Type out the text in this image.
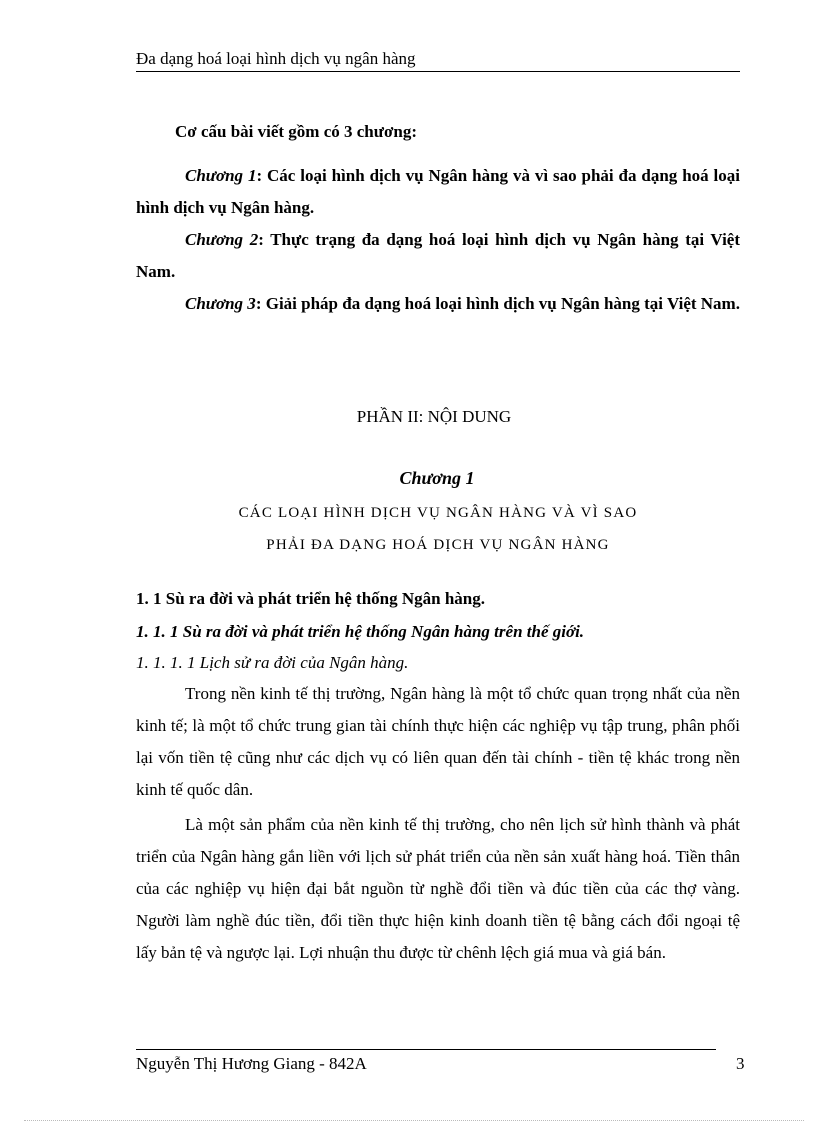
Đa dạng hoá loại hình dịch vụ ngân hàng
Cơ cấu bài viết gồm có 3 chương:
Chương 1: Các loại hình dịch vụ Ngân hàng và vì sao phải đa dạng hoá loại hình dịch vụ Ngân hàng.
Chương 2: Thực trạng đa dạng hoá loại hình dịch vụ Ngân hàng tại Việt Nam.
Chương 3: Giải pháp đa dạng hoá loại hình dịch vụ Ngân hàng tại Việt Nam.
PHẦN II: NỘI DUNG
Chương 1
CÁC LOẠI HÌNH DỊCH VỤ NGÂN HÀNG VÀ VÌ SAO
PHẢI ĐA DẠNG HOÁ DỊCH VỤ NGÂN HÀNG
1. 1 Sù ra đời và phát triển hệ thống Ngân hàng.
1. 1. 1 Sù ra đời và phát triển hệ thống Ngân hàng trên thế giới.
1. 1. 1. 1 Lịch sử ra đời của Ngân hàng.
Trong nền kinh tế thị trường, Ngân hàng là một tổ chức quan trọng nhất của nền kinh tế; là một tổ chức trung gian tài chính thực hiện các nghiệp vụ tập trung, phân phối lại vốn tiền tệ cũng như các dịch vụ có liên quan đến tài chính - tiền tệ khác trong nền kinh tế quốc dân.
Là một sản phẩm của nền kinh tế thị trường, cho nên lịch sử hình thành và phát triển của Ngân hàng gắn liền với lịch sử phát triển của nền sản xuất hàng hoá. Tiền thân của các nghiệp vụ hiện đại bắt nguồn từ nghề đổi tiền và đúc tiền của các thợ vàng. Người làm nghề đúc tiền, đổi tiền thực hiện kinh doanh tiền tệ bằng cách đổi ngoại tệ lấy bản tệ và ngược lại. Lợi nhuận thu được từ chênh lệch giá mua và giá bán.
Nguyễn Thị Hương Giang - 842A	3
